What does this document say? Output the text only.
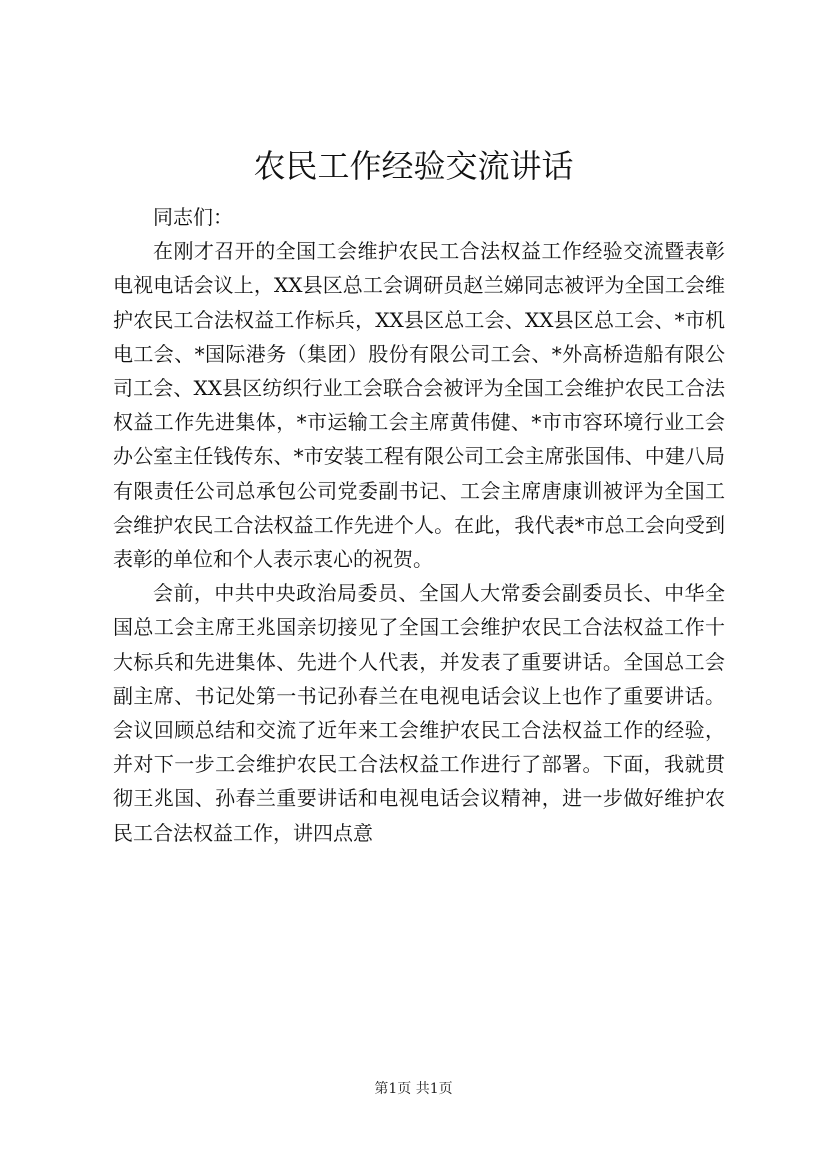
农民工作经验交流讲话

同志们：

在刚才召开的全国工会维护农民工合法权益工作经验交流暨表彰电视电话会议上，XX县区总工会调研员赵兰娣同志被评为全国工会维护农民工合法权益工作标兵，XX县区总工会、XX县区总工会、*市机电工会、*国际港务（集团）股份有限公司工会、*外高桥造船有限公司工会、XX县区纺织行业工会联合会被评为全国工会维护农民工合法权益工作先进集体，*市运输工会主席黄伟健、*市市容环境行业工会办公室主任钱传东、*市安装工程有限公司工会主席张国伟、中建八局有限责任公司总承包公司党委副书记、工会主席唐康训被评为全国工会维护农民工合法权益工作先进个人。在此，我代表*市总工会向受到表彰的单位和个人表示衷心的祝贺。

会前，中共中央政治局委员、全国人大常委会副委员长、中华全国总工会主席王兆国亲切接见了全国工会维护农民工合法权益工作十大标兵和先进集体、先进个人代表，并发表了重要讲话。全国总工会副主席、书记处第一书记孙春兰在电视电话会议上也作了重要讲话。会议回顾总结和交流了近年来工会维护农民工合法权益工作的经验，并对下一步工会维护农民工合法权益工作进行了部署。下面，我就贯彻王兆国、孙春兰重要讲话和电视电话会议精神，进一步做好维护农民工合法权益工作，讲四点意

第1页 共1页
